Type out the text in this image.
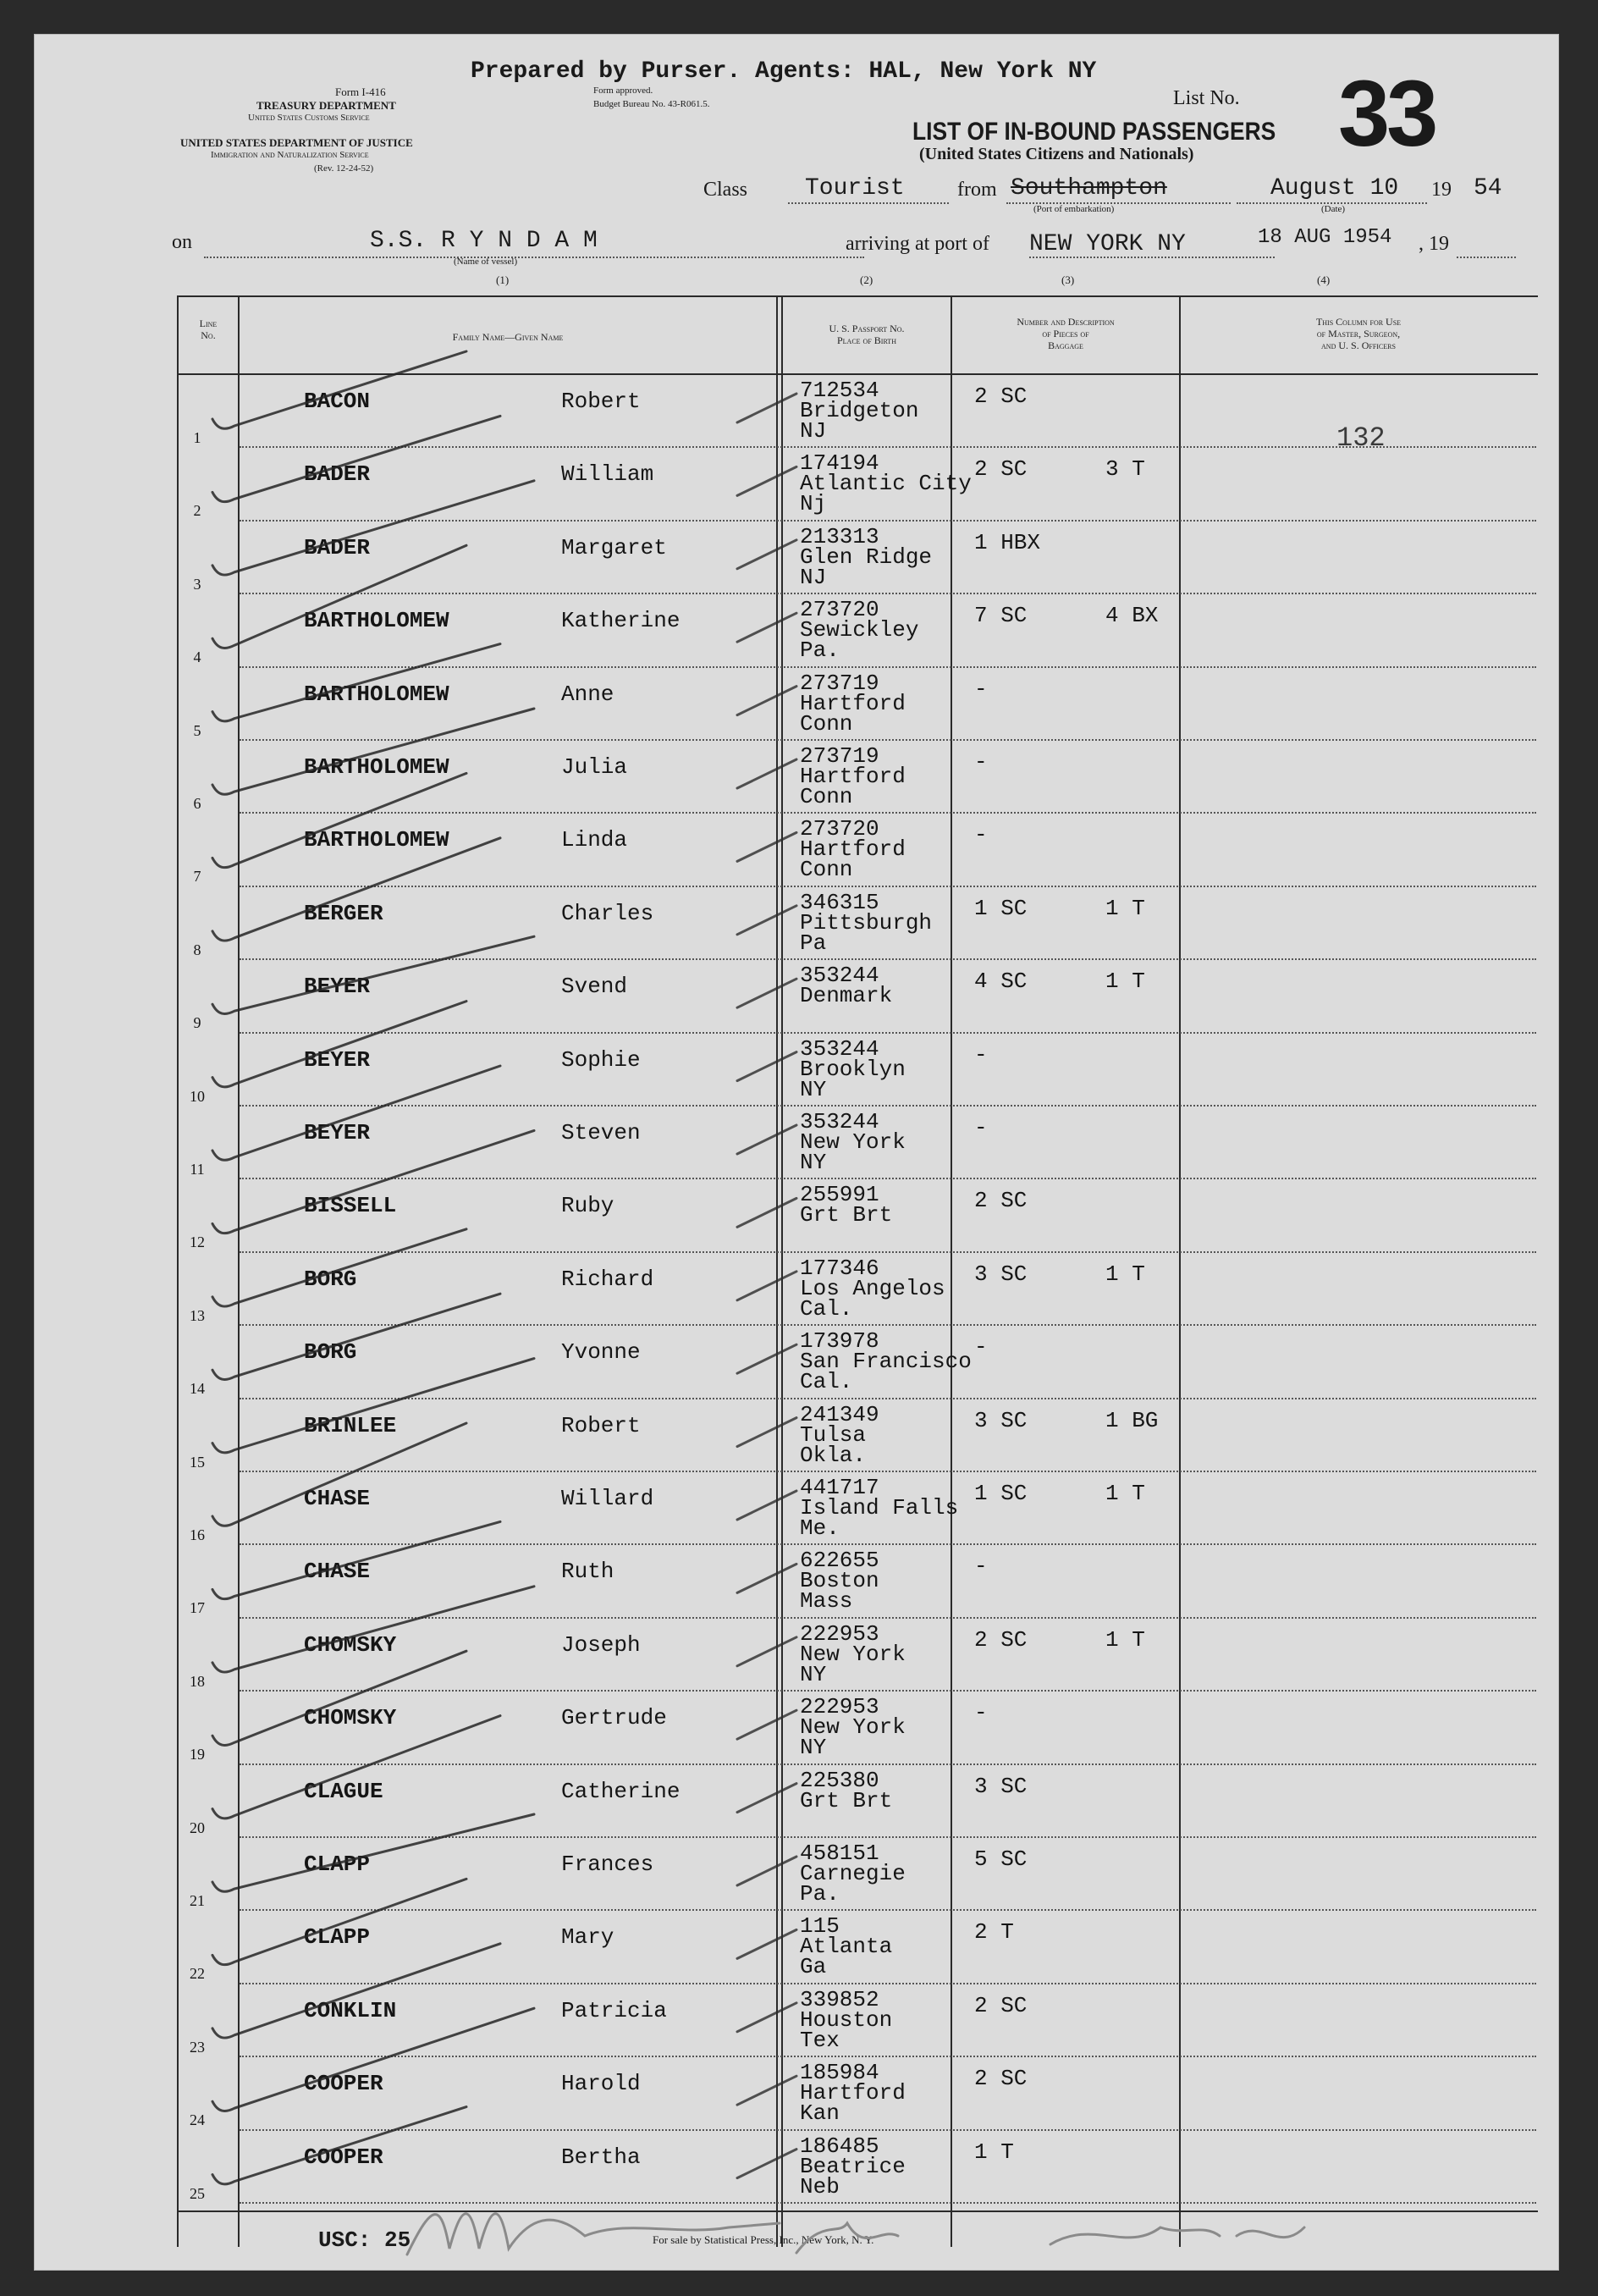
Prepared by Purser. Agents: HAL, New York NY
Form I-416
TREASURY DEPARTMENT
United States Customs Service
UNITED STATES DEPARTMENT OF JUSTICE
Immigration and Naturalization Service
(Rev. 12-24-52)
Form approved.
Budget Bureau No. 43-R061.5.	List No.
LIST OF IN-BOUND PASSENGERS
(United States Citizens and Nationals) 33
Class Tourist	from Southampton
(Port of embarkation)
August 10
(Date)
19 54
on	S.S. R Y N D A M
(Name of vessel)
arriving at port of NEW YORK NY	18 AUG 1954 , 19
(1)	(2)	(3)	(4)
Line No.	Family Name—Given Name
U. S. Passport No.
Place of Birth
Number and Description
of Pieces of
Baggage
This Column for Use
of Master, Surgeon,
and U. S. Officers
1
BACON	Robert	712534
Bridgeton
NJ
2 SC
132
2
BADER	William	174194
Atlantic City
Nj
2 SC	3 T
3
BADER	Margaret	213313
Glen Ridge
NJ
1 HBX
4
BARTHOLOMEW	Katherine	273720
Sewickley
Pa.
7 SC	4 BX
5
BARTHOLOMEW	Anne	273719
Hartford
Conn
-
6
BARTHOLOMEW	Julia	273719
Hartford
Conn
-
7
BARTHOLOMEW	Linda	273720
Hartford
Conn
-
8
BERGER	Charles	346315
Pittsburgh
Pa
1 SC	1 T
9
BEYER	Svend	353244
Denmark
4 SC	1 T
10
BEYER	Sophie	353244
Brooklyn
NY
-
11
BEYER	Steven	353244
New York
NY
-
12
BISSELL	Ruby	255991
Grt Brt
2 SC
13
BORG	Richard	177346
Los Angelos
Cal.
3 SC	1 T
14
BORG	Yvonne	173978
San Francisco
Cal.
-
15
BRINLEE	Robert	241349
Tulsa
Okla.
3 SC	1 BG
16
CHASE	Willard	441717
Island Falls
Me.
1 SC	1 T
17
CHASE	Ruth	622655
Boston
Mass
-
18
CHOMSKY	Joseph	222953
New York
NY
2 SC	1 T
19
CHOMSKY	Gertrude	222953
New York
NY
-
20
CLAGUE	Catherine	225380
Grt Brt
3 SC
21
CLAPP	Frances	458151
Carnegie
Pa.
5 SC
22
CLAPP	Mary	115
Atlanta
Ga
2 T
23
CONKLIN	Patricia	339852
Houston
Tex
2 SC
24
COOPER	Harold	185984
Hartford
Kan
2 SC
25
COOPER	Bertha	186485
Beatrice
Neb
1 T
USC: 25	For sale by Statistical Press, Inc., New York, N. Y.
